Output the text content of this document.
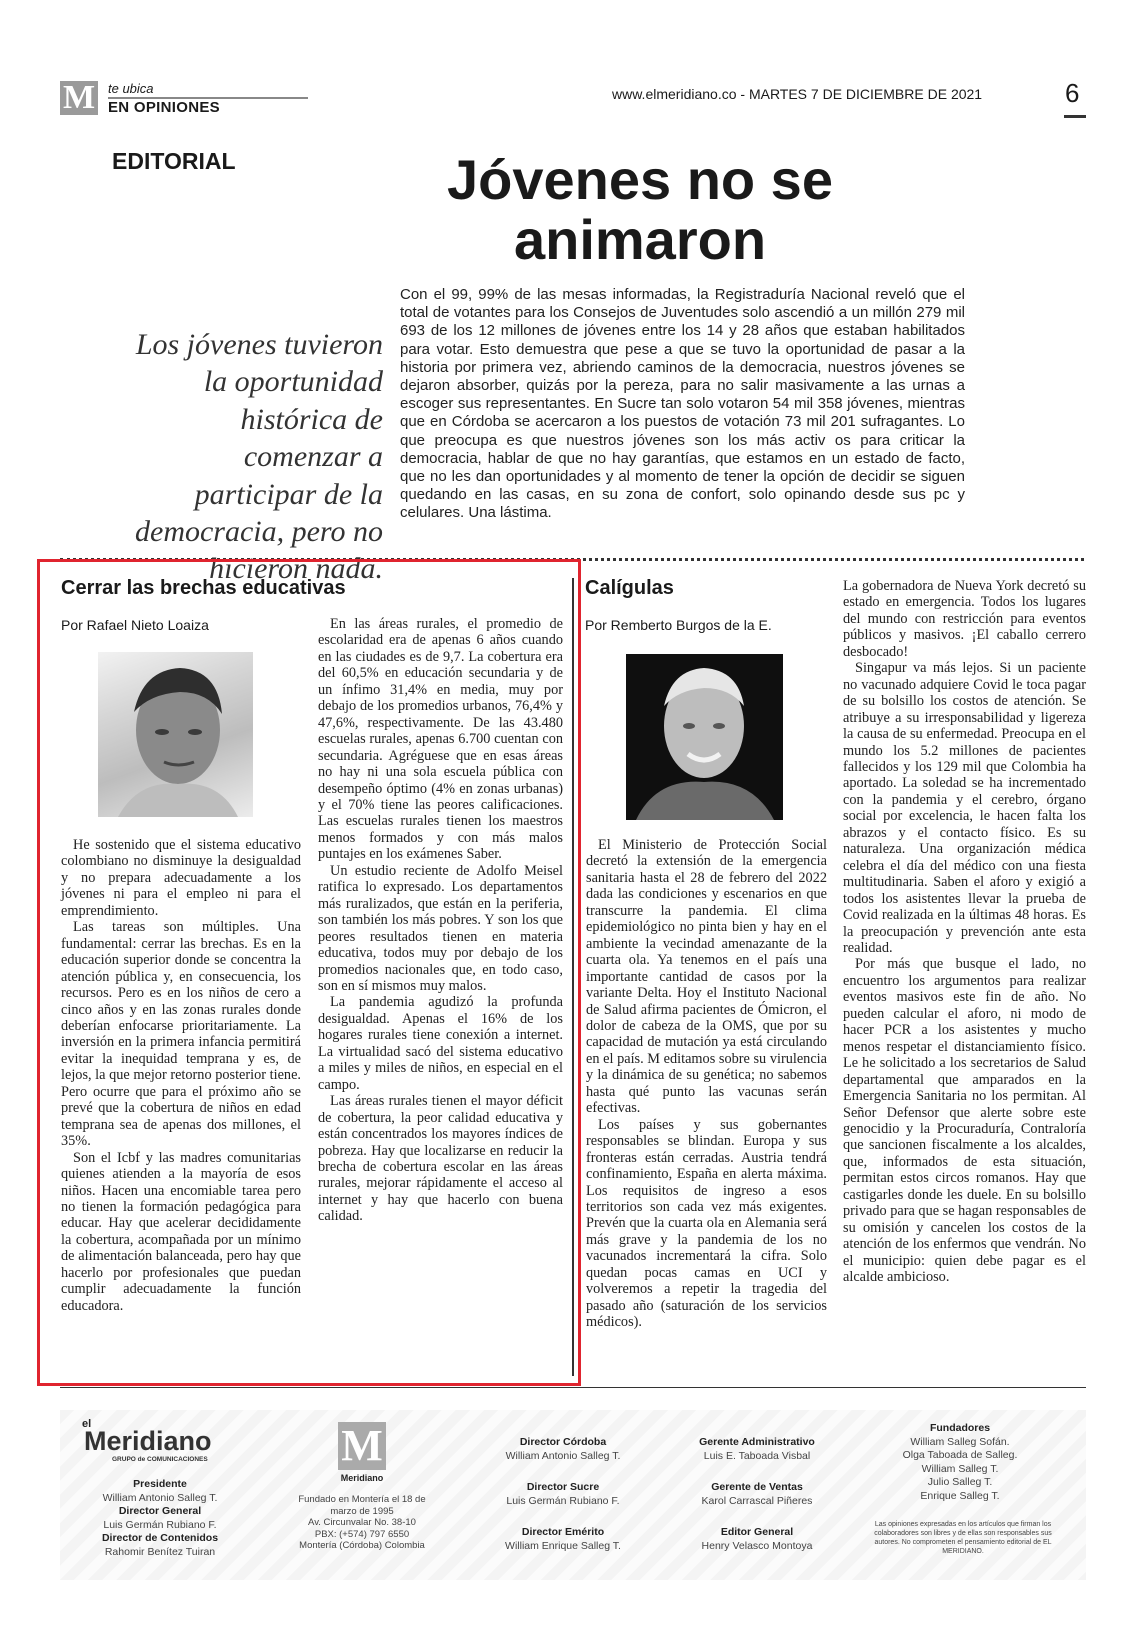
M te ubica
EN OPINIONES
www.elmeridiano.co - MARTES 7 DE DICIEMBRE DE 2021	6
EDITORIAL	Jóvenes no se
animaron
Los jóvenes tuvieron la oportunidad histórica de comenzar a participar de la democracia, pero no hicieron nada.
Con el 99, 99% de las mesas informadas, la Registraduría Nacional reveló que el total de votantes para los Consejos de Juventudes solo ascendió a un millón 279 mil 693 de los 12 millones de jóvenes entre los 14 y 28 años que estaban habilitados para votar. Esto demuestra que pese a que se tuvo la oportunidad de pasar a la historia por primera vez, abriendo caminos de la democracia, nuestros jóvenes se dejaron absorber, quizás por la pereza, para no salir masivamente a las urnas a escoger sus representantes. En Sucre tan solo votaron 54 mil 358 jóvenes, mientras que en Córdoba se acercaron a los puestos de votación 73 mil 201 sufragantes. Lo que preocupa es que nuestros jóvenes son los más activ os para criticar la democracia, hablar de que no hay garantías, que estamos en un estado de facto, que no les dan oportunidades y al momento de tener la opción de decidir se siguen quedando en las casas, en su zona de confort, solo opinando desde sus pc y celulares. Una lástima.
Cerrar las brechas educativas
Por Rafael Nieto Loaiza

He sostenido que el sistema educativo colombiano no disminuye la desigualdad y no prepara adecuadamente a los jóvenes ni para el empleo ni para el emprendimiento.

Las tareas son múltiples. Una fundamental: cerrar las brechas. Es en la educación superior donde se concentra la atención pública y, en consecuencia, los recursos. Pero es en los niños de cero a cinco años y en las zonas rurales donde deberían enfocarse prioritariamente. La inversión en la primera infancia permitirá evitar la inequidad temprana y es, de lejos, la que mejor retorno posterior tiene. Pero ocurre que para el próximo año se prevé que la cobertura de niños en edad temprana sea de apenas dos millones, el 35%.

Son el Icbf y las madres comunitarias quienes atienden a la mayoría de esos niños. Hacen una encomiable tarea pero no tienen la formación pedagógica para educar. Hay que acelerar decididamente la cobertura, acompañada por un mínimo de alimentación balanceada, pero hay que hacerlo por profesionales que puedan cumplir adecuadamente la función educadora.

En las áreas rurales, el promedio de escolaridad era de apenas 6 años cuando en las ciudades es de 9,7. La cobertura era del 60,5% en educación secundaria y de un ínfimo 31,4% en media, muy por debajo de los promedios urbanos, 76,4% y 47,6%, respectivamente. De las 43.480 escuelas rurales, apenas 6.700 cuentan con secundaria. Agréguese que en esas áreas no hay ni una sola escuela pública con desempeño óptimo (4% en zonas urbanas) y el 70% tiene las peores calificaciones. Las escuelas rurales tienen los maestros menos formados y con más malos puntajes en los exámenes Saber.

Un estudio reciente de Adolfo Meisel ratifica lo expresado. Los departamentos más ruralizados, que están en la periferia, son también los más pobres. Y son los que peores resultados tienen en materia educativa, todos muy por debajo de los promedios nacionales que, en todo caso, son en sí mismos muy malos.

La pandemia agudizó la profunda desigualdad. Apenas el 16% de los hogares rurales tiene conexión a internet. La virtualidad sacó del sistema educativo a miles y miles de niños, en especial en el campo.

Las áreas rurales tienen el mayor déficit de cobertura, la peor calidad educativa y están concentrados los mayores índices de pobreza. Hay que localizarse en reducir la brecha de cobertura escolar en las áreas rurales, mejorar rápidamente el acceso al internet y hay que hacerlo con buena calidad.

Calígulas
Por Remberto Burgos de la E.

El Ministerio de Protección Social decretó la extensión de la emergencia sanitaria hasta el 28 de febrero del 2022 dada las condiciones y escenarios en que transcurre la pandemia. El clima epidemiológico no pinta bien y hay en el ambiente la vecindad amenazante de la cuarta ola. Ya tenemos en el país una importante cantidad de casos por la variante Delta. Hoy el Instituto Nacional de Salud afirma pacientes de Ómicron, el dolor de cabeza de la OMS, que por su capacidad de mutación ya está circulando en el país. M editamos sobre su virulencia y la dinámica de su genética; no sabemos hasta qué punto las vacunas serán efectivas.

Los países y sus gobernantes responsables se blindan. Europa y sus fronteras están cerradas. Austria tendrá confinamiento, España en alerta máxima. Los requisitos de ingreso a esos territorios son cada vez más exigentes. Prevén que la cuarta ola en Alemania será más grave y la pandemia de los no vacunados incrementará la cifra. Solo quedan pocas camas en UCI y volveremos a repetir la tragedia del pasado año (saturación de los servicios médicos).

La gobernadora de Nueva York decretó su estado en emergencia. Todos los lugares del mundo con restricción para eventos públicos y masivos. ¡El caballo cerrero desbocado!

Singapur va más lejos. Si un paciente no vacunado adquiere Covid le toca pagar de su bolsillo los costos de atención. Se atribuye a su irresponsabilidad y ligereza la causa de su enfermedad. Preocupa en el mundo los 5.2 millones de pacientes fallecidos y los 129 mil que Colombia ha aportado. La soledad se ha incrementado con la pandemia y el cerebro, órgano social por excelencia, le hacen falta los abrazos y el contacto físico. Es su naturaleza. Una organización médica celebra el día del médico con una fiesta multitudinaria. Saben el aforo y exigió a todos los asistentes llevar la prueba de Covid realizada en la últimas 48 horas. Es la preocupación y prevención ante esta realidad.

Por más que busque el lado, no encuentro los argumentos para realizar eventos masivos este fin de año. No pueden calcular el aforo, ni modo de hacer PCR a los asistentes y mucho menos respetar el distanciamiento físico. Le he solicitado a los secretarios de Salud departamental que amparados en la Emergencia Sanitaria no los permitan. Al Señor Defensor que alerte sobre este genocidio y la Procuraduría, Contraloría que sancionen fiscalmente a los alcaldes, que, informados de esta situación, permitan estos circos romanos. Hay que castigarles donde les duele. En su bolsillo privado para que se hagan responsables de su omisión y cancelen los costos de la atención de los enfermos que vendrán. No el municipio: quien debe pagar es el alcalde ambicioso.

el
Meridiano
GRUPO de COMUNICACIONES
Presidente
William Antonio Salleg T.
Director General
Luis Germán Rubiano F.
Director de Contenidos
Rahomir Benítez Tuiran
M
Meridiano
Fundado en Montería el 18 de marzo de 1995
Av. Circunvalar No. 38-10
PBX: (+574) 797 6550
Montería (Córdoba) Colombia
Director Córdoba
William Antonio Salleg T.
Director Sucre
Luis Germán Rubiano F.
Director Emérito
William Enrique Salleg T.
Gerente Administrativo
Luis E. Taboada Visbal
Gerente de Ventas
Karol Carrascal Piñeres
Editor General
Henry Velasco Montoya
Fundadores
William Salleg Sofán.
Olga Taboada de Salleg.
William Salleg T.
Julio Salleg T.
Enrique Salleg T.
Las opiniones expresadas en los artículos que firman los colaboradores son libres y de ellas son responsables sus autores. No comprometen el pensamiento editorial de EL MERIDIANO.
